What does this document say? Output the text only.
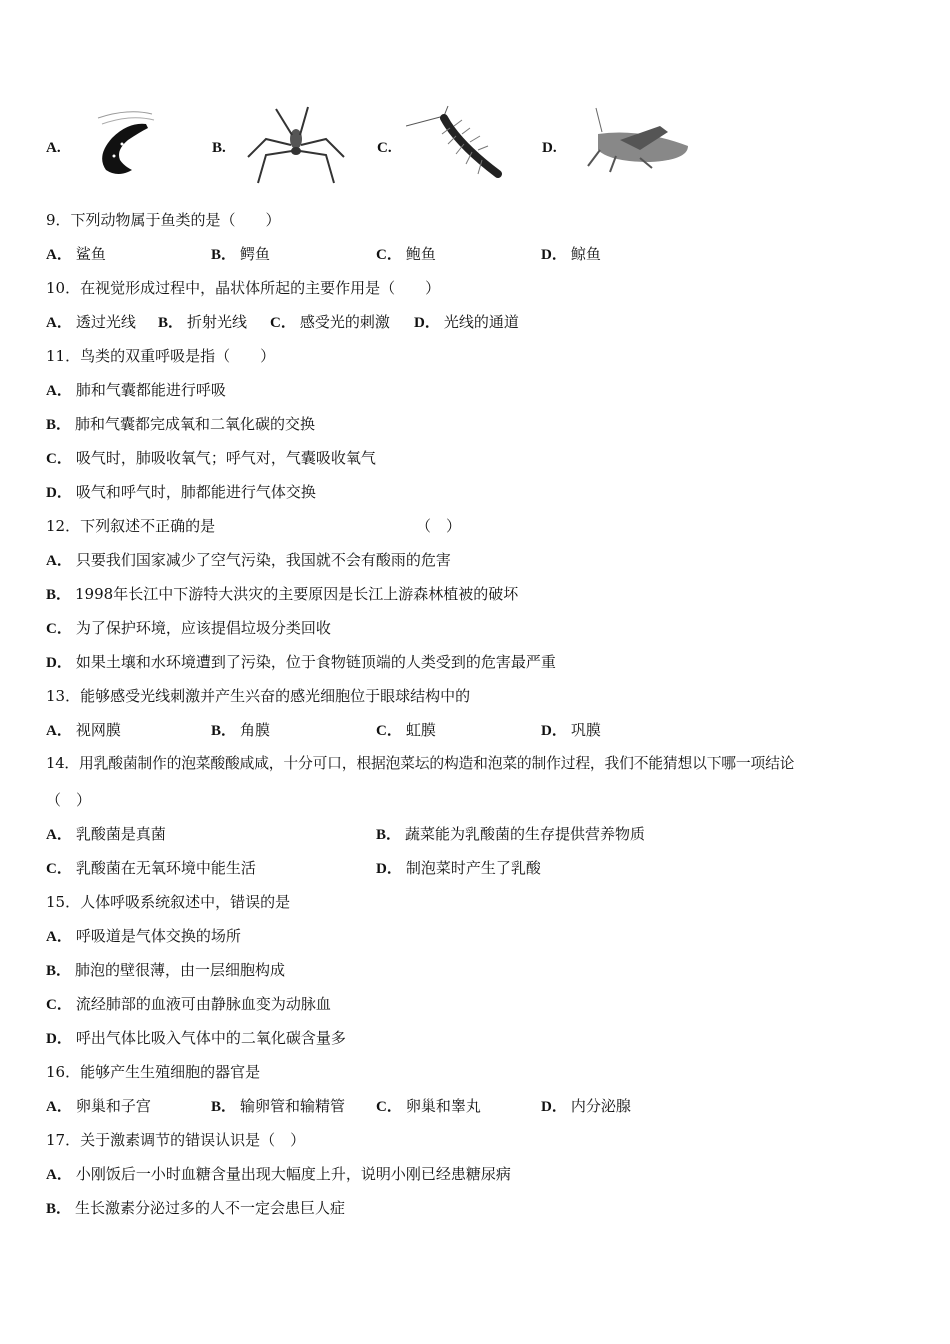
A.	B.	C.	D.
9．下列动物属于鱼类的是（　　）
A． 鲨鱼	B． 鳄鱼	C． 鲍鱼	D． 鲸鱼
10．在视觉形成过程中，晶状体所起的主要作用是（　　）
A． 透过光线 B． 折射光线 C． 感受光的刺激 D． 光线的通道
11．鸟类的双重呼吸是指（　　）
A． 肺和气囊都能进行呼吸
B． 肺和气囊都完成氧和二氧化碳的交换
C． 吸气时，肺吸收氧气；呼气对，气囊吸收氧气
D． 吸气和呼气时，肺都能进行气体交换
12．下列叙述不正确的是	（　）
A． 只要我们国家减少了空气污染，我国就不会有酸雨的危害
B． 1998年长江中下游特大洪灾的主要原因是长江上游森林植被的破坏
C． 为了保护环境，应该提倡垃圾分类回收
D． 如果土壤和水环境遭到了污染，位于食物链顶端的人类受到的危害最严重
13．能够感受光线刺激并产生兴奋的感光细胞位于眼球结构中的
A． 视网膜	B． 角膜	C． 虹膜	D． 巩膜
14．用乳酸菌制作的泡菜酸酸咸咸，十分可口，根据泡菜坛的构造和泡菜的制作过程，我们不能猜想以下哪一项结论
（　）
A． 乳酸菌是真菌	B． 蔬菜能为乳酸菌的生存提供营养物质
C． 乳酸菌在无氧环境中能生活	D． 制泡菜时产生了乳酸
15．人体呼吸系统叙述中，错误的是
A． 呼吸道是气体交换的场所
B． 肺泡的壁很薄，由一层细胞构成
C． 流经肺部的血液可由静脉血变为动脉血
D． 呼出气体比吸入气体中的二氧化碳含量多
16．能够产生生殖细胞的器官是
A． 卵巢和子宫	B． 输卵管和输精管 C． 卵巢和睾丸	D． 内分泌腺
17．关于激素调节的错误认识是（　）
A． 小刚饭后一小时血糖含量出现大幅度上升，说明小刚已经患糖尿病
B． 生长激素分泌过多的人不一定会患巨人症
